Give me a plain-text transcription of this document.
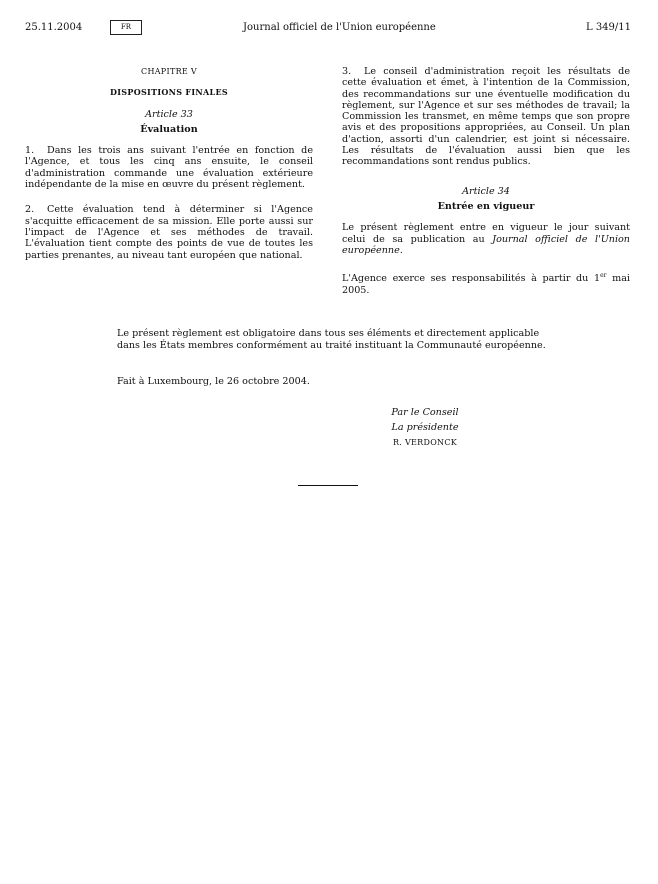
25.11.2004	FR	Journal officiel de l'Union européenne	L 349/11
CHAPITRE V
DISPOSITIONS FINALES
Article 33
Évaluation

1. Dans les trois ans suivant l'entrée en fonction de l'Agence, et tous les cinq ans ensuite, le conseil d'administration commande une évaluation extérieure indépendante de la mise en œuvre du présent règlement.

2. Cette évaluation tend à déterminer si l'Agence s'acquitte efficacement de sa mission. Elle porte aussi sur l'impact de l'Agence et ses méthodes de travail. L'évaluation tient compte des points de vue de toutes les parties prenantes, au niveau tant européen que national.

3. Le conseil d'administration reçoit les résultats de cette évaluation et émet, à l'intention de la Commission, des recommandations sur une éventuelle modification du règlement, sur l'Agence et sur ses méthodes de travail; la Commission les transmet, en même temps que son propre avis et des propositions appropriées, au Conseil. Un plan d'action, assorti d'un calendrier, est joint si nécessaire. Les résultats de l'évaluation aussi bien que les recommandations sont rendus publics.

Article 34
Entrée en vigueur

Le présent règlement entre en vigueur le jour suivant celui de sa publication au Journal officiel de l'Union européenne.

L'Agence exerce ses responsabilités à partir du 1er mai 2005.

Le présent règlement est obligatoire dans tous ses éléments et directement applicable dans les États membres conformément au traité instituant la Communauté européenne.
Fait à Luxembourg, le 26 octobre 2004.
Par le Conseil
La présidente
R. VERDONCK
